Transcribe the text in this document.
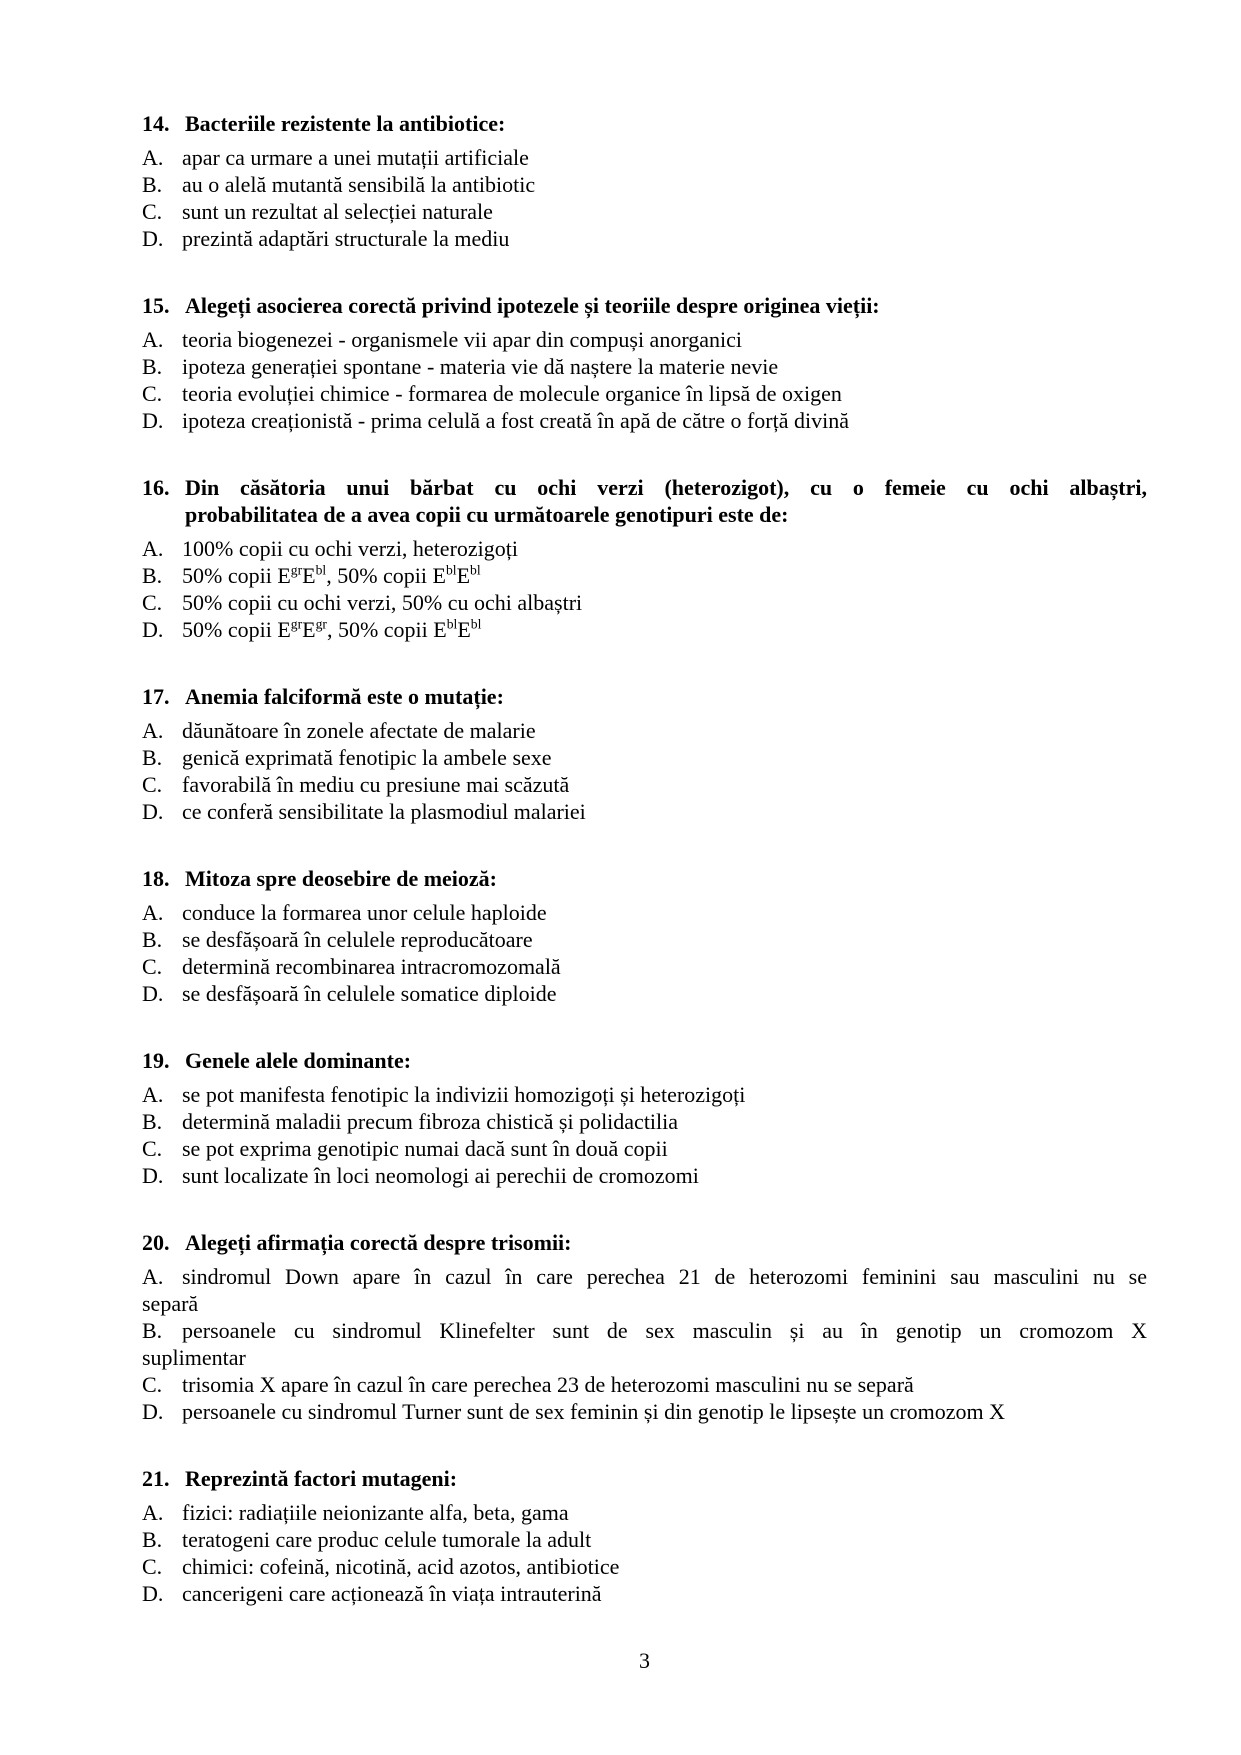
14. Bacteriile rezistente la antibiotice:
A. apar ca urmare a unei mutații artificiale
B. au o alelă mutantă sensibilă la antibiotic
C. sunt un rezultat al selecției naturale
D. prezintă adaptări structurale la mediu
15. Alegeți asocierea corectă privind ipotezele și teoriile despre originea vieții:
A. teoria biogenezei - organismele vii apar din compuși anorganici
B. ipoteza generației spontane - materia vie dă naștere la materie nevie
C. teoria evoluției chimice - formarea de molecule organice în lipsă de oxigen
D. ipoteza creaționistă - prima celulă a fost creată în apă de către o forță divină
16. Din căsătoria unui bărbat cu ochi verzi (heterozigot), cu o femeie cu ochi albaștri,
probabilitatea de a avea copii cu următoarele genotipuri este de:
A. 100% copii cu ochi verzi, heterozigoți
B. 50% copii $E^{gr}E^{bl}$, 50% copii $E^{bl}E^{bl}$
C. 50% copii cu ochi verzi, 50% cu ochi albaștri
D. 50% copii $E^{gr}E^{gr}$, 50% copii $E^{bl}E^{bl}$
17. Anemia falciformă este o mutație:
A. dăunătoare în zonele afectate de malarie
B. genică exprimată fenotipic la ambele sexe
C. favorabilă în mediu cu presiune mai scăzută
D. ce conferă sensibilitate la plasmodiul malariei
18. Mitoza spre deosebire de meioză:
A. conduce la formarea unor celule haploide
B. se desfășoară în celulele reproducătoare
C. determină recombinarea intracromozomală
D. se desfășoară în celulele somatice diploide
19. Genele alele dominante:
A. se pot manifesta fenotipic la indivizii homozigoți și heterozigoți
B. determină maladii precum fibroza chistică și polidactilia
C. se pot exprima genotipic numai dacă sunt în două copii
D. sunt localizate în loci neomologi ai perechii de cromozomi
20. Alegeți afirmația corectă despre trisomii:
A. sindromul Down apare în cazul în care perechea 21 de heterozomi feminini sau masculini nu se
separă
B. persoanele cu sindromul Klinefelter sunt de sex masculin și au în genotip un cromozom X
suplimentar
C. trisomia X apare în cazul în care perechea 23 de heterozomi masculini nu se separă
D. persoanele cu sindromul Turner sunt de sex feminin și din genotip le lipsește un cromozom X
21. Reprezintă factori mutageni:
A. fizici: radiațiile neionizante alfa, beta, gama
B. teratogeni care produc celule tumorale la adult
C. chimici: cofeină, nicotină, acid azotos, antibiotice
D. cancerigeni care acționează în viața intrauterină
3
